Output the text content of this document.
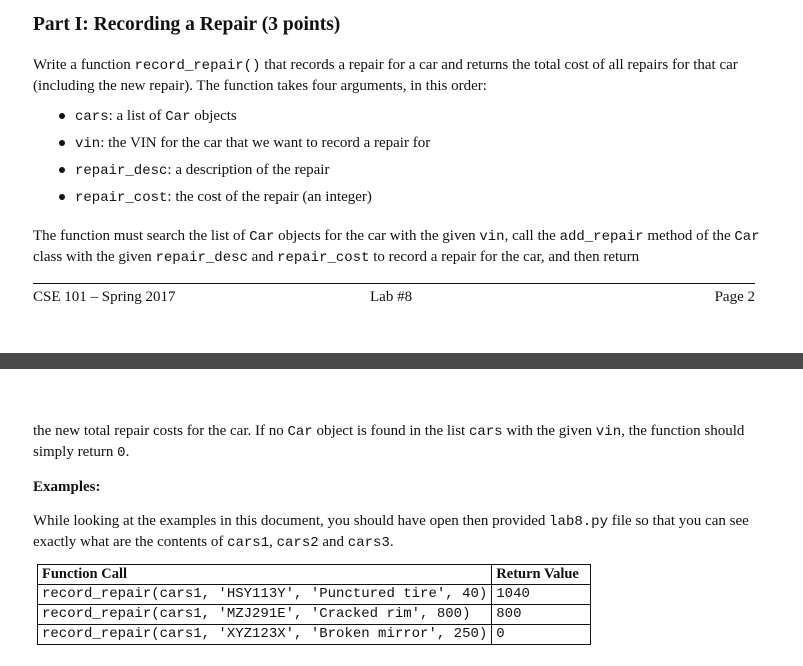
Part I: Recording a Repair (3 points)

Write a function record_repair() that records a repair for a car and returns the total cost of all repairs for that car (including the new repair). The function takes four arguments, in this order:

cars: a list of Car objects
vin: the VIN for the car that we want to record a repair for
repair_desc: a description of the repair
repair_cost: the cost of the repair (an integer)

The function must search the list of Car objects for the car with the given vin, call the add_repair method of the Car class with the given repair_desc and repair_cost to record a repair for the car, and then return

CSE 101 – Spring 2017	Lab #8	Page 2

the new total repair costs for the car. If no Car object is found in the list cars with the given vin, the function should simply return 0.

Examples:

While looking at the examples in this document, you should have open then provided lab8.py file so that you can see exactly what are the contents of cars1, cars2 and cars3.

Function Call	Return Value
record_repair(cars1, 'HSY113Y', 'Punctured tire', 40)	1040
record_repair(cars1, 'MZJ291E', 'Cracked rim', 800)	800
record_repair(cars1, 'XYZ123X', 'Broken mirror', 250)	0
